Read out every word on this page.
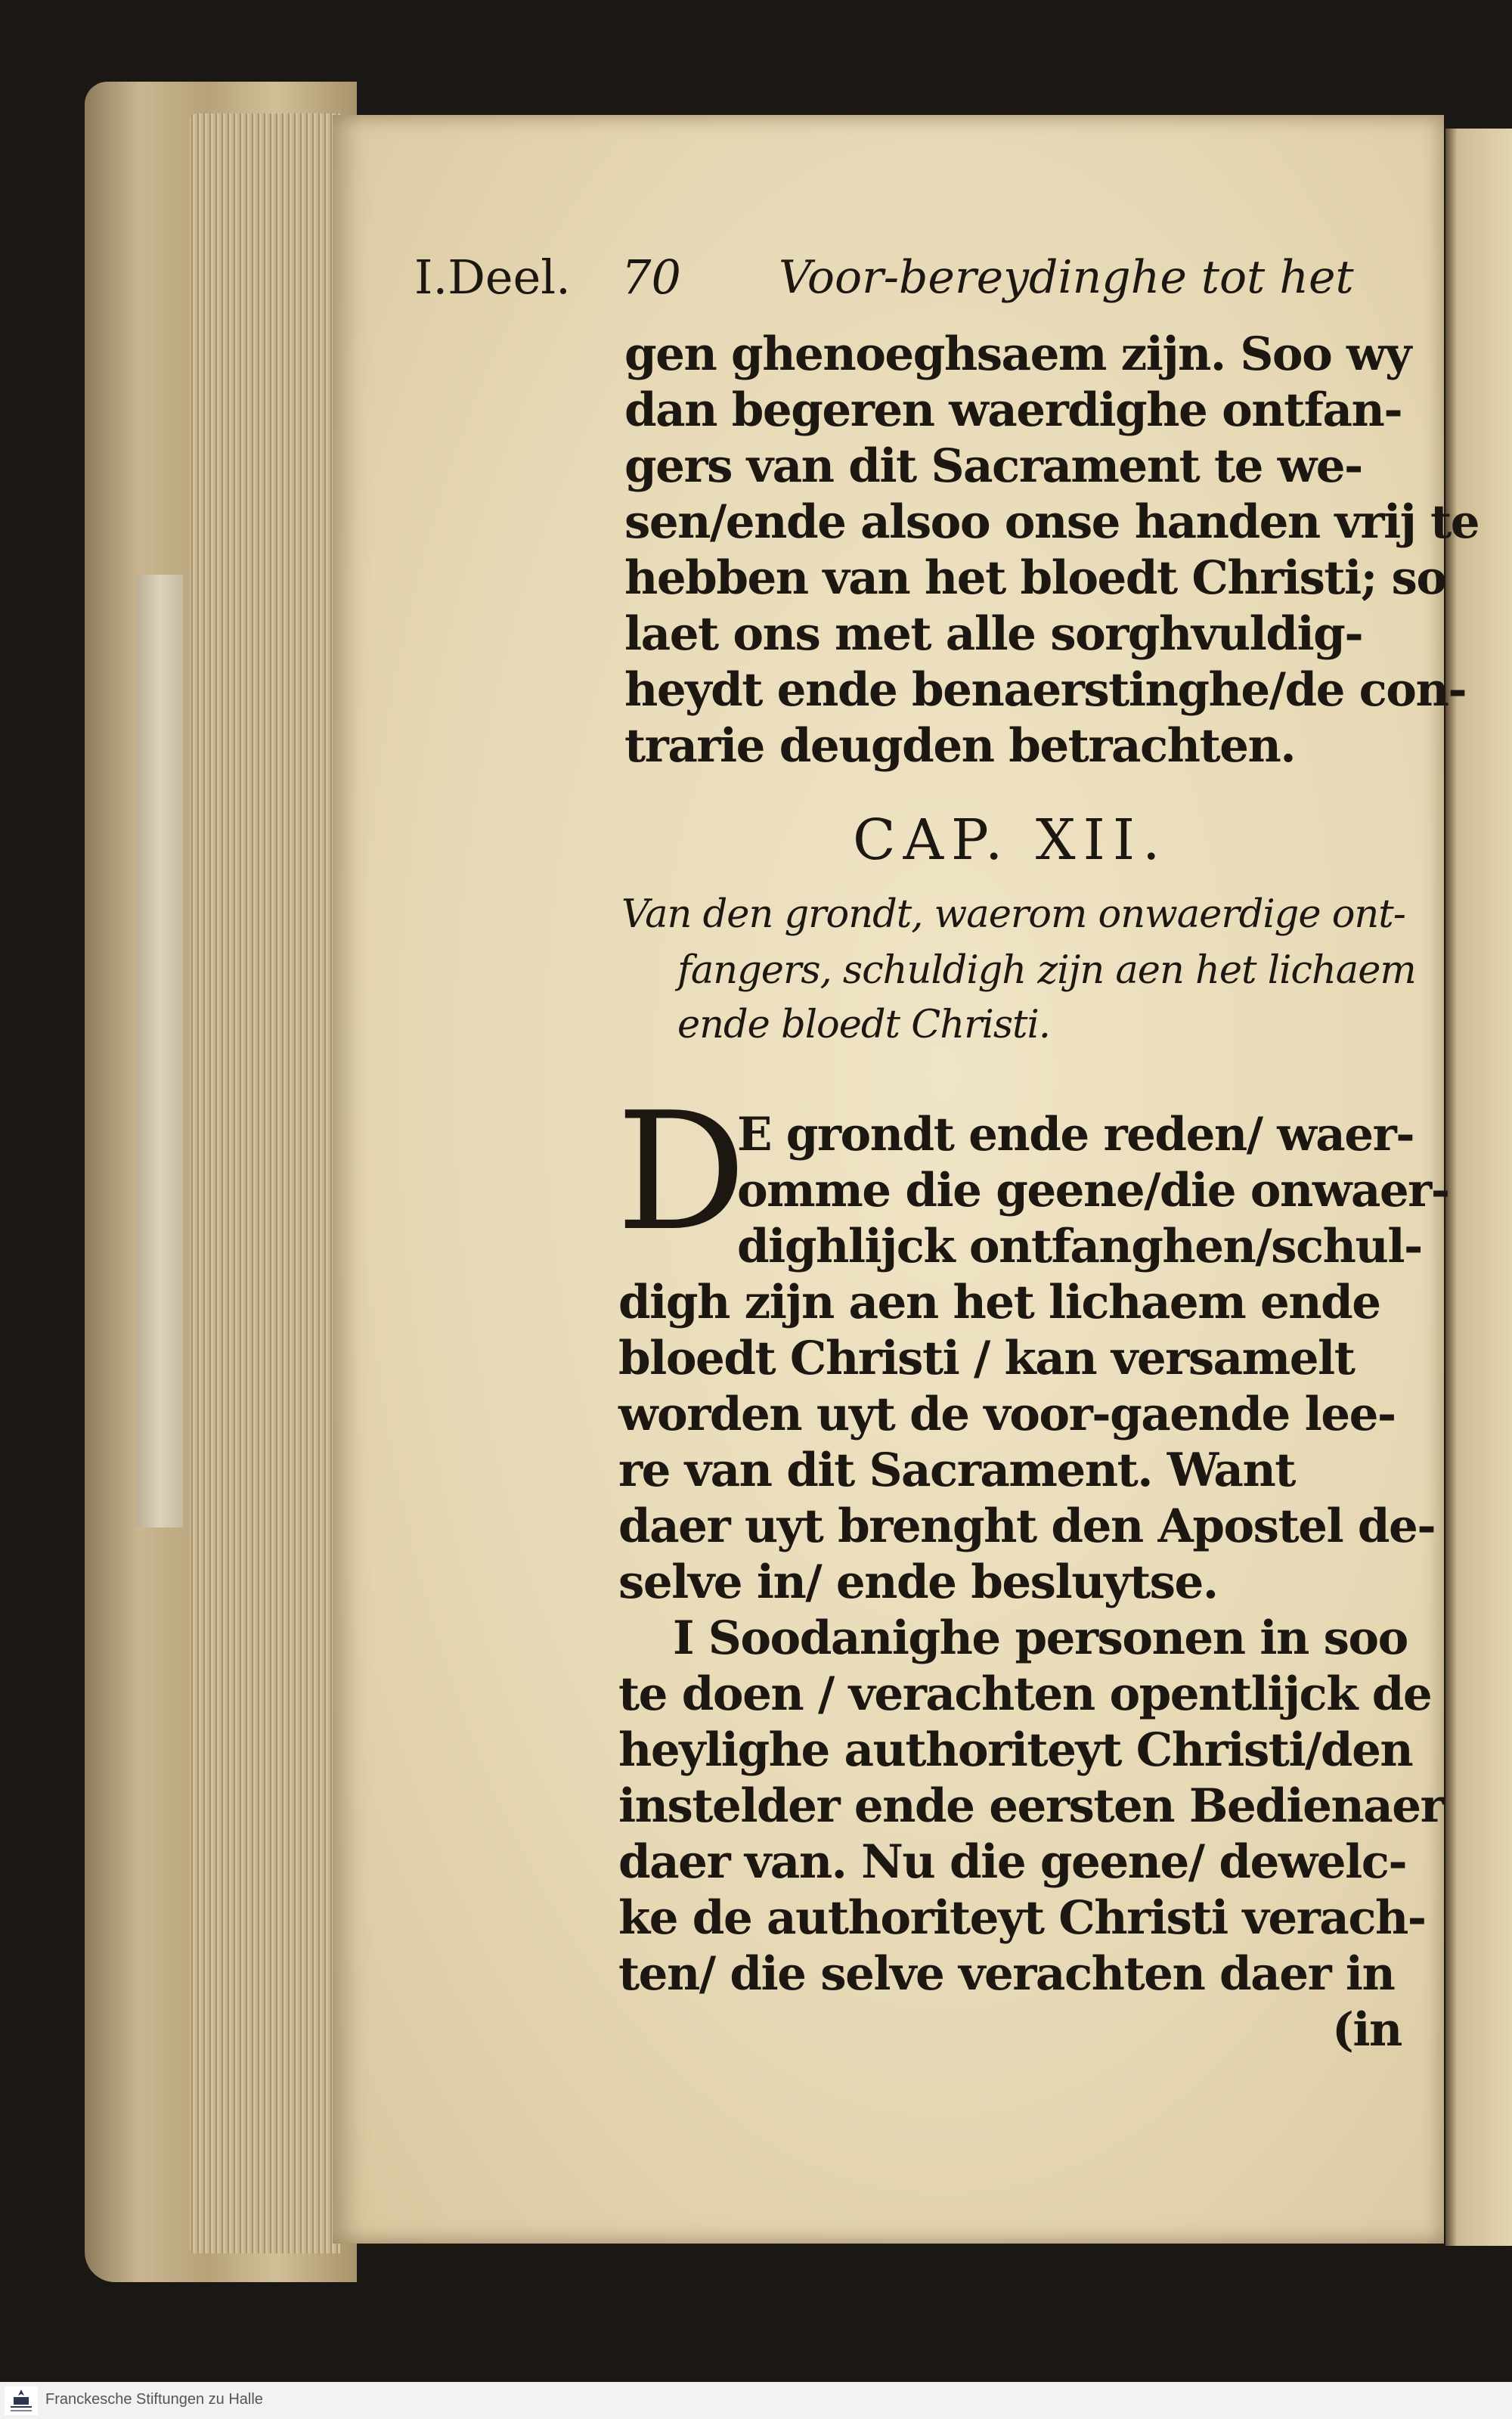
I.Deel. 70 Voor-bereydinghe tot het
gen ghenoeghsaem zijn. Soo wy
dan begeren waerdighe ontfan-
gers van dit Sacrament te we-
sen/ende alsoo onse handen vrij te
hebben van het bloedt Christi; so
laet ons met alle sorghvuldig-
heydt ende benaerstinghe/de con-
trarie deugden betrachten.
CAP. XII.
Van den grondt, waerom onwaerdige ont-
fangers, schuldigh zijn aen het lichaem
ende bloedt Christi.
D
E grondt ende reden/ waer-
omme die geene/die onwaer-
dighlijck ontfanghen/schul-
digh zijn aen het lichaem ende
bloedt Christi / kan versamelt
worden uyt de voor-gaende lee-
re van dit Sacrament. Want
daer uyt brenght den Apostel de-
selve in/ ende besluytse.
I Soodanighe personen in soo
te doen / verachten opentlijck de
heylighe authoriteyt Christi/den
instelder ende eersten Bedienaer
daer van. Nu die geene/ dewelc-
ke de authoriteyt Christi verach-
ten/ die selve verachten daer in
(in
Franckesche Stiftungen zu Halle
